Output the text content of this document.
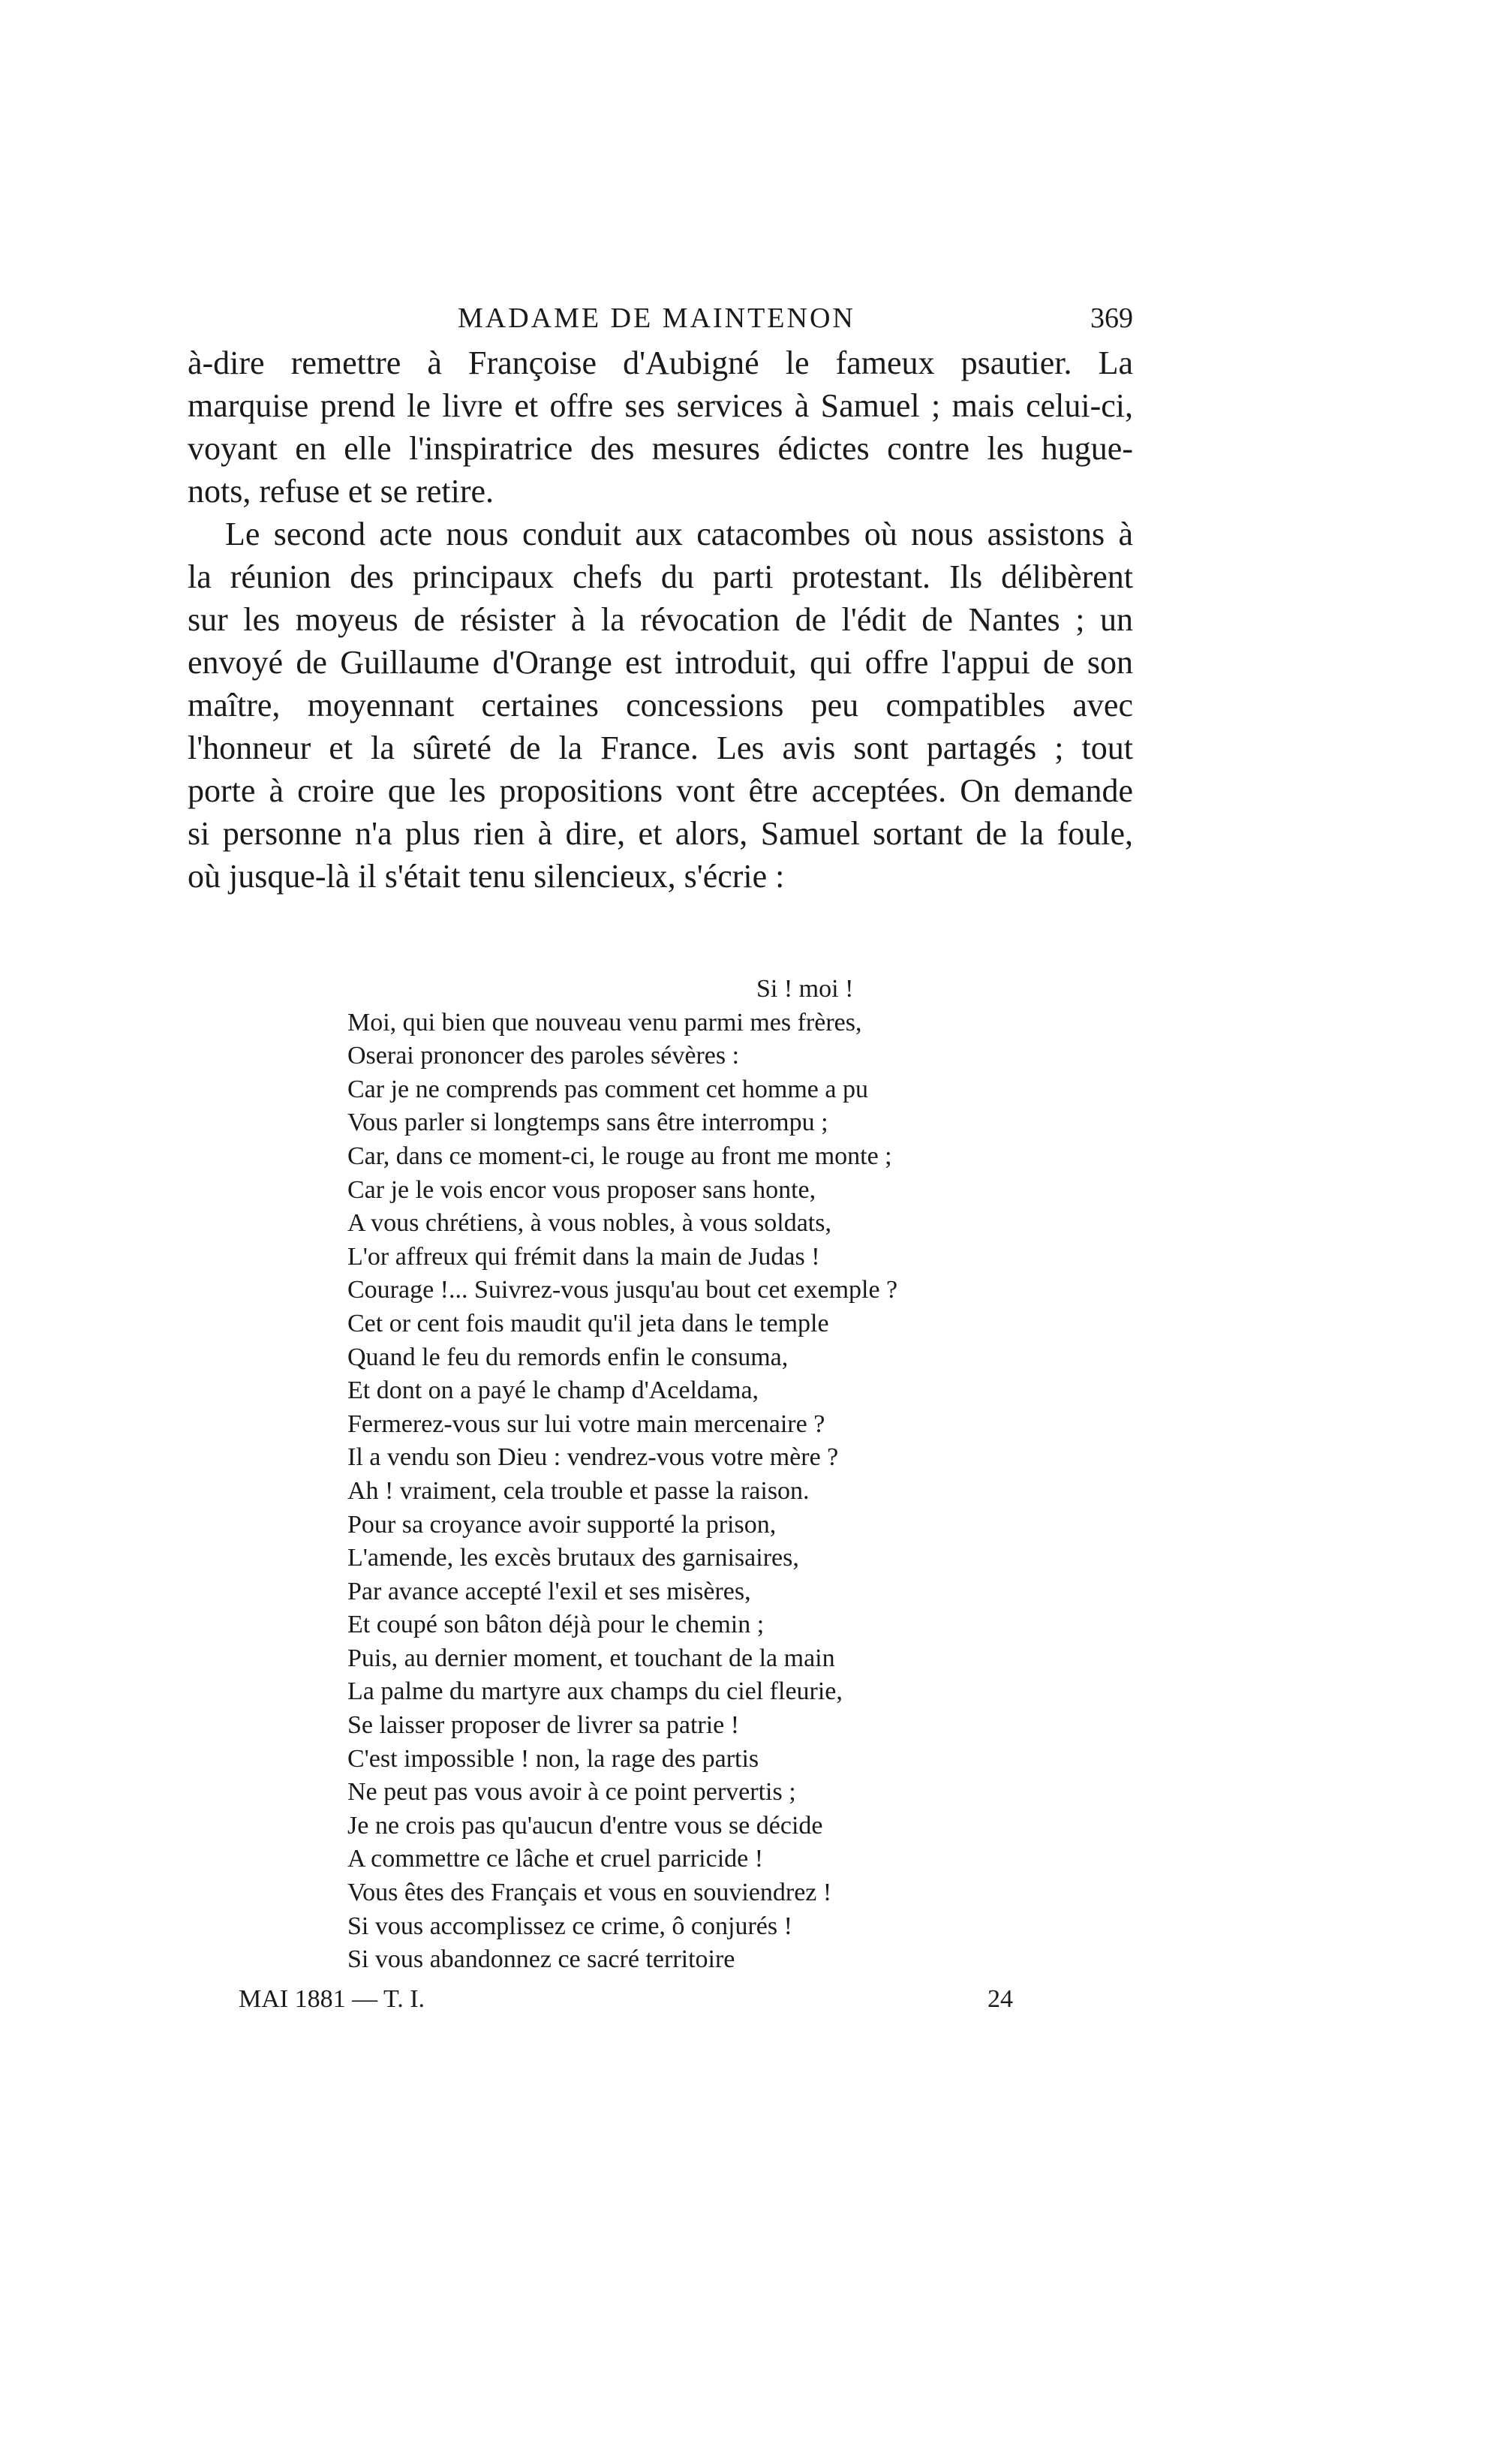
MADAME DE MAINTENON	369
à-dire remettre à Françoise d'Aubigné le fameux psautier. La
marquise prend le livre et offre ses services à Samuel ; mais celui-ci,
voyant en elle l'inspiratrice des mesures édictes contre les hugue-
nots, refuse et se retire.
Le second acte nous conduit aux catacombes où nous assistons à
la réunion des principaux chefs du parti protestant. Ils délibèrent
sur les moyeus de résister à la révocation de l'édit de Nantes ; un
envoyé de Guillaume d'Orange est introduit, qui offre l'appui de son
maître, moyennant certaines concessions peu compatibles avec
l'honneur et la sûreté de la France. Les avis sont partagés ; tout
porte à croire que les propositions vont être acceptées. On demande
si personne n'a plus rien à dire, et alors, Samuel sortant de la foule,
où jusque-là il s'était tenu silencieux, s'écrie :
Si ! moi !
Moi, qui bien que nouveau venu parmi mes frères,
Oserai prononcer des paroles sévères :
Car je ne comprends pas comment cet homme a pu
Vous parler si longtemps sans être interrompu ;
Car, dans ce moment-ci, le rouge au front me monte ;
Car je le vois encor vous proposer sans honte,
A vous chrétiens, à vous nobles, à vous soldats,
L'or affreux qui frémit dans la main de Judas !
Courage !... Suivrez-vous jusqu'au bout cet exemple ?
Cet or cent fois maudit qu'il jeta dans le temple
Quand le feu du remords enfin le consuma,
Et dont on a payé le champ d'Aceldama,
Fermerez-vous sur lui votre main mercenaire ?
Il a vendu son Dieu : vendrez-vous votre mère ?
Ah ! vraiment, cela trouble et passe la raison.
Pour sa croyance avoir supporté la prison,
L'amende, les excès brutaux des garnisaires,
Par avance accepté l'exil et ses misères,
Et coupé son bâton déjà pour le chemin ;
Puis, au dernier moment, et touchant de la main
La palme du martyre aux champs du ciel fleurie,
Se laisser proposer de livrer sa patrie !
C'est impossible ! non, la rage des partis
Ne peut pas vous avoir à ce point pervertis ;
Je ne crois pas qu'aucun d'entre vous se décide
A commettre ce lâche et cruel parricide !
Vous êtes des Français et vous en souviendrez !
Si vous accomplissez ce crime, ô conjurés !
Si vous abandonnez ce sacré territoire
MAI 1881 — T. I.	24
